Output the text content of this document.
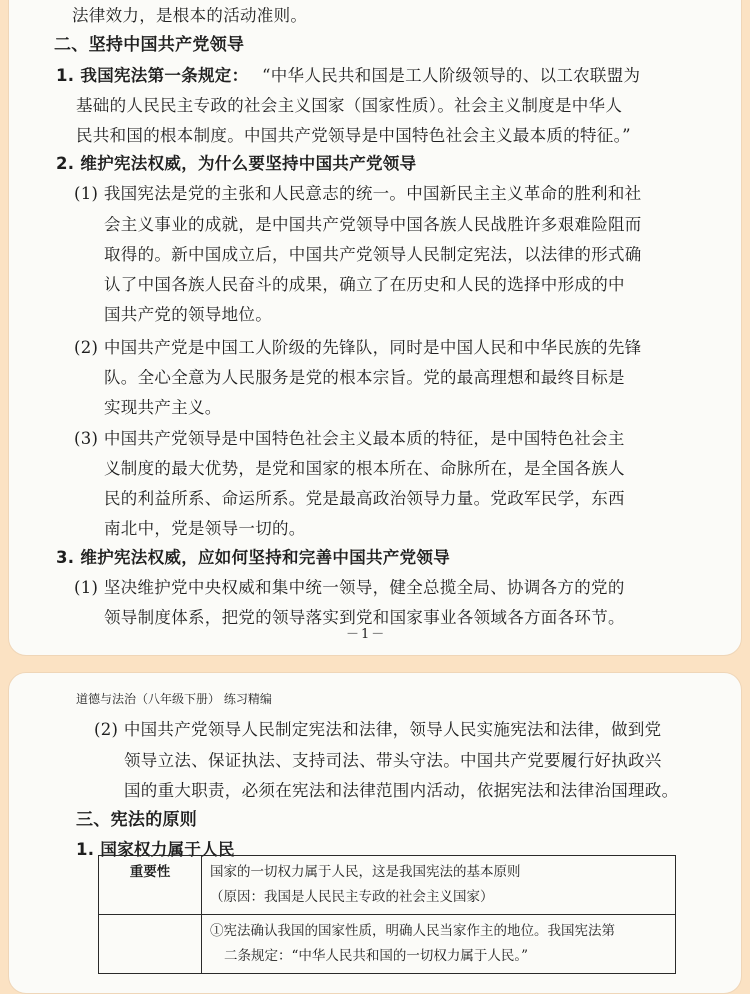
法律效力，是根本的活动准则。
二、坚持中国共产党领导
1. 我国宪法第一条规定： “中华人民共和国是工人阶级领导的、以工农联盟为
基础的人民民主专政的社会主义国家（国家性质）。社会主义制度是中华人
民共和国的根本制度。中国共产党领导是中国特色社会主义最本质的特征。”
2. 维护宪法权威，为什么要坚持中国共产党领导
(1) 我国宪法是党的主张和人民意志的统一。中国新民主主义革命的胜利和社
会主义事业的成就，是中国共产党领导中国各族人民战胜许多艰难险阻而
取得的。新中国成立后，中国共产党领导人民制定宪法，以法律的形式确
认了中国各族人民奋斗的成果，确立了在历史和人民的选择中形成的中
国共产党的领导地位。
(2) 中国共产党是中国工人阶级的先锋队，同时是中国人民和中华民族的先锋
队。全心全意为人民服务是党的根本宗旨。党的最高理想和最终目标是
实现共产主义。
(3) 中国共产党领导是中国特色社会主义最本质的特征，是中国特色社会主
义制度的最大优势，是党和国家的根本所在、命脉所在，是全国各族人
民的利益所系、命运所系。党是最高政治领导力量。党政军民学，东西
南北中，党是领导一切的。
3. 维护宪法权威，应如何坚持和完善中国共产党领导
(1) 坚决维护党中央权威和集中统一领导，健全总揽全局、协调各方的党的
领导制度体系，把党的领导落实到党和国家事业各领域各方面各环节。
－1－
道德与法治（八年级下册） 练习精编
(2) 中国共产党领导人民制定宪法和法律，领导人民实施宪法和法律，做到党
领导立法、保证执法、支持司法、带头守法。中国共产党要履行好执政兴
国的重大职责，必须在宪法和法律范围内活动，依据宪法和法律治国理政。
三、宪法的原则
1. 国家权力属于人民
重要性	国家的一切权力属于人民，这是我国宪法的基本原则
（原因：我国是人民民主专政的社会主义国家）

	①宪法确认我国的国家性质，明确人民当家作主的地位。我国宪法第
二条规定：“中华人民共和国的一切权力属于人民。”
